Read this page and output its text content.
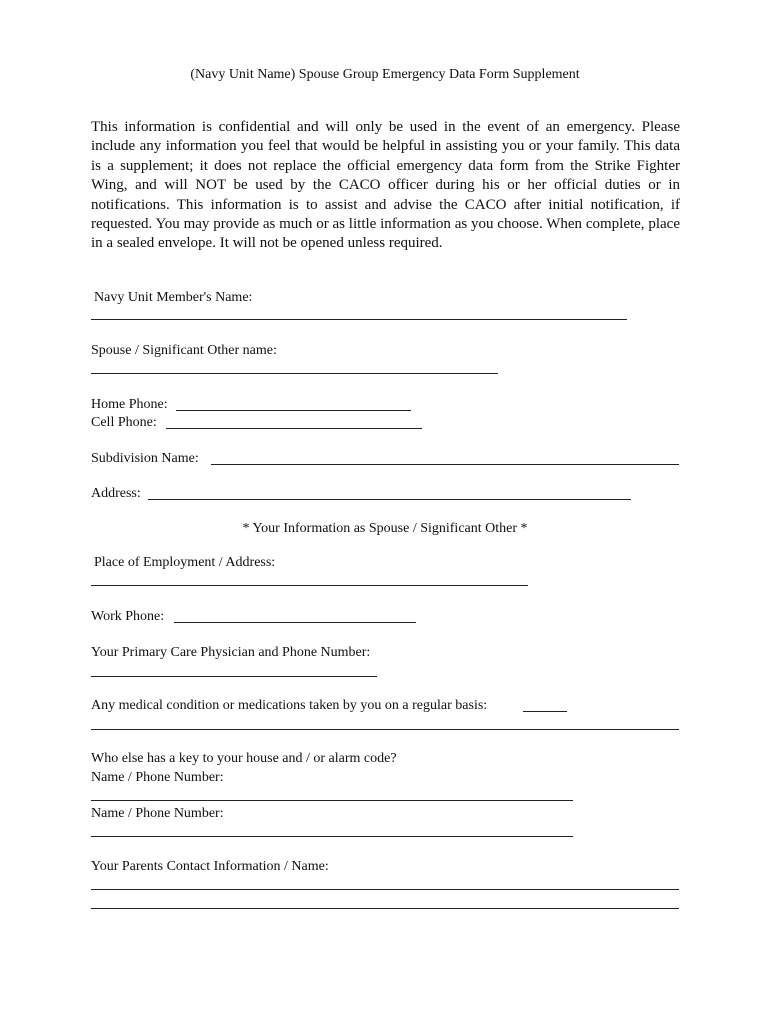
(Navy Unit Name) Spouse Group Emergency Data Form Supplement
This information is confidential and will only be used in the event of an emergency. Please include any information you feel that would be helpful in assisting you or your family. This data is a supplement; it does not replace the official emergency data form from the Strike Fighter Wing, and will NOT be used by the CACO officer during his or her official duties or in notifications. This information is to assist and advise the CACO after initial notification, if requested. You may provide as much or as little information as you choose. When complete, place in a sealed envelope. It will not be opened unless required.
Navy Unit Member's Name:
Spouse / Significant Other name:
Home Phone:
Cell Phone:
Subdivision Name:
Address:
* Your Information as Spouse / Significant Other *
Place of Employment / Address:
Work Phone:
Your Primary Care Physician and Phone Number:
Any medical condition or medications taken by you on a regular basis:
Who else has a key to your house and / or alarm code?
Name / Phone Number:
Name / Phone Number:
Your Parents Contact Information / Name:
